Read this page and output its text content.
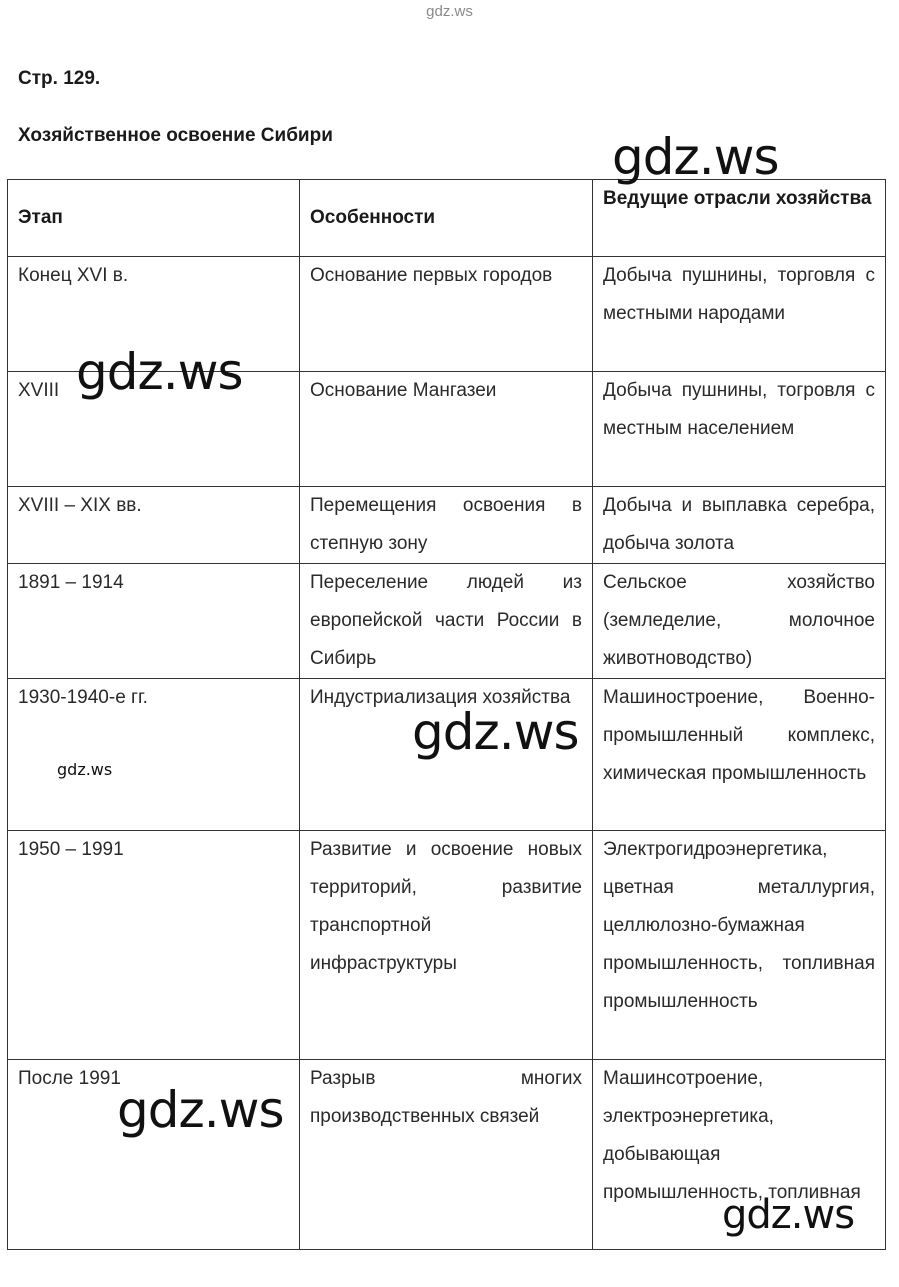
gdz.ws
Стр. 129.
Хозяйственное освоение Сибири
Этап	Особенности	Ведущие отрасли хозяйства
Конец XVI в.	Основание первых городов	Добыча пушнины, торговля с местными народами
XVIII	Основание Мангазеи	Добыча пушнины, тогровля с местным населением
XVIII – XIX вв.	Перемещения освоения в степную зону	Добыча и выплавка серебра, добыча золота
1891 – 1914	Переселение людей из европейской части России в Сибирь	Сельское хозяйство (земледелие, молочное животноводство)
1930-1940-е гг.	Индустриализация хозяйства	Машиностроение, Военно-промышленный комплекс, химическая промышленность
1950 – 1991	Развитие и освоение новых территорий, развитие транспортной инфраструктуры	Электрогидроэнергетика, цветная металлургия, целлюлозно-бумажная промышленность, топливная промышленность
После 1991	Разрыв многих производственных связей	Машинсотроение, электроэнергетика, добывающая промышленность, топливная
gdz.ws
gdz.ws
gdz.ws
gdz.ws
gdz.ws
gdz.ws
